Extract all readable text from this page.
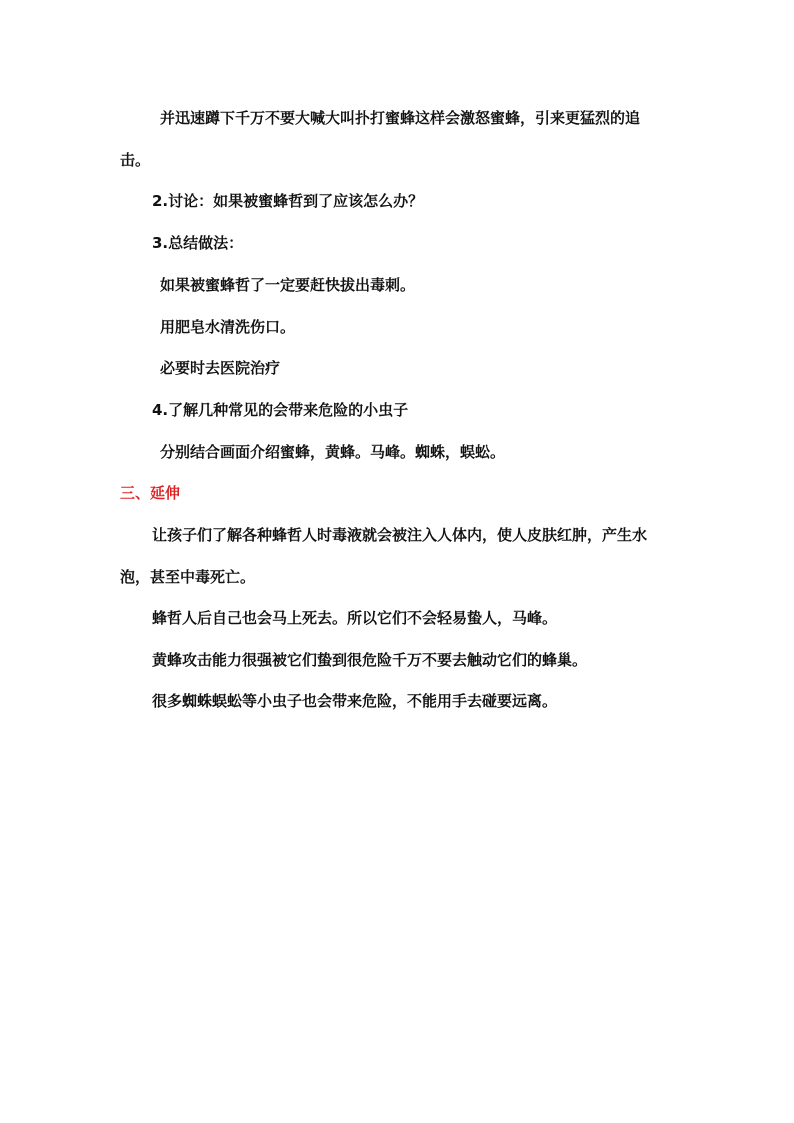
并迅速蹲下千万不要大喊大叫扑打蜜蜂这样会激怒蜜蜂，引来更猛烈的追
击。
2.讨论：如果被蜜蜂哲到了应该怎么办？
3.总结做法：
如果被蜜蜂哲了一定要赶快拔出毒刺。
用肥皂水清洗伤口。
必要时去医院治疗
4.了解几种常见的会带来危险的小虫子
分别结合画面介绍蜜蜂，黄蜂。马峰。蜘蛛，蜈蚣。
三、延伸
让孩子们了解各种蜂哲人时毒液就会被注入人体内，使人皮肤红肿，产生水
泡，甚至中毒死亡。
蜂哲人后自己也会马上死去。所以它们不会轻易蛰人，马峰。
黄蜂攻击能力很强被它们蛰到很危险千万不要去触动它们的蜂巢。
很多蜘蛛蜈蚣等小虫子也会带来危险，不能用手去碰要远离。
